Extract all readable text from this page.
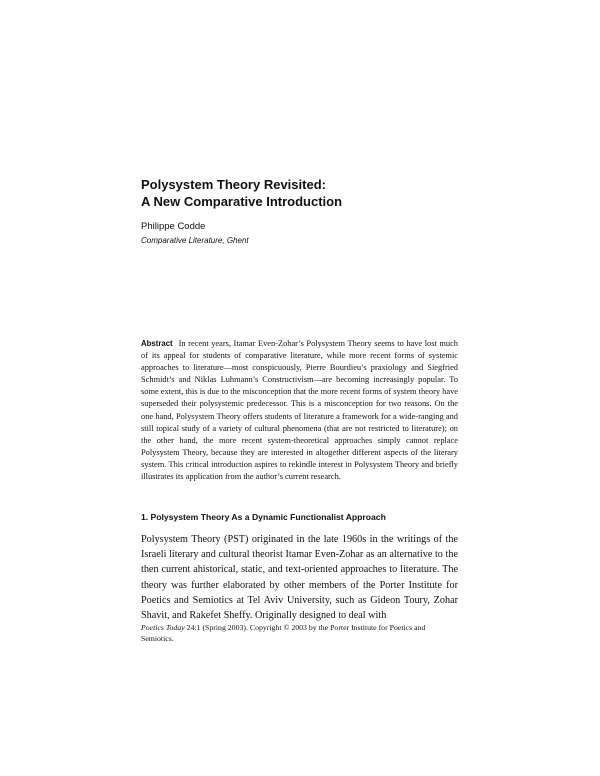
Polysystem Theory Revisited:
A New Comparative Introduction

Philippe Codde

Comparative Literature, Ghent

Abstract In recent years, Itamar Even-Zohar’s Polysystem Theory seems to have lost much of its appeal for students of comparative literature, while more recent forms of systemic approaches to literature—most conspicuously, Pierre Bourdieu’s praxiology and Siegfried Schmidt’s and Niklas Luhmann’s Constructivism—are becoming increasingly popular. To some extent, this is due to the misconception that the more recent forms of system theory have superseded their polysystemic predecessor. This is a misconception for two reasons. On the one hand, Polysystem Theory offers students of literature a framework for a wide-ranging and still topical study of a variety of cultural phenomena (that are not restricted to literature); on the other hand, the more recent system-theoretical approaches simply cannot replace Polysystem Theory, because they are interested in altogether different aspects of the literary system. This critical introduction aspires to rekindle interest in Polysystem Theory and briefly illustrates its application from the author’s current research.

1. Polysystem Theory As a Dynamic Functionalist Approach

Polysystem Theory (PST) originated in the late 1960s in the writings of the Israeli literary and cultural theorist Itamar Even-Zohar as an alternative to the then current ahistorical, static, and text-oriented approaches to literature. The theory was further elaborated by other members of the Porter Institute for Poetics and Semiotics at Tel Aviv University, such as Gideon Toury, Zohar Shavit, and Rakefet Sheffy. Originally designed to deal with

Poetics Today 24:1 (Spring 2003). Copyright © 2003 by the Porter Institute for Poetics and Semiotics.
